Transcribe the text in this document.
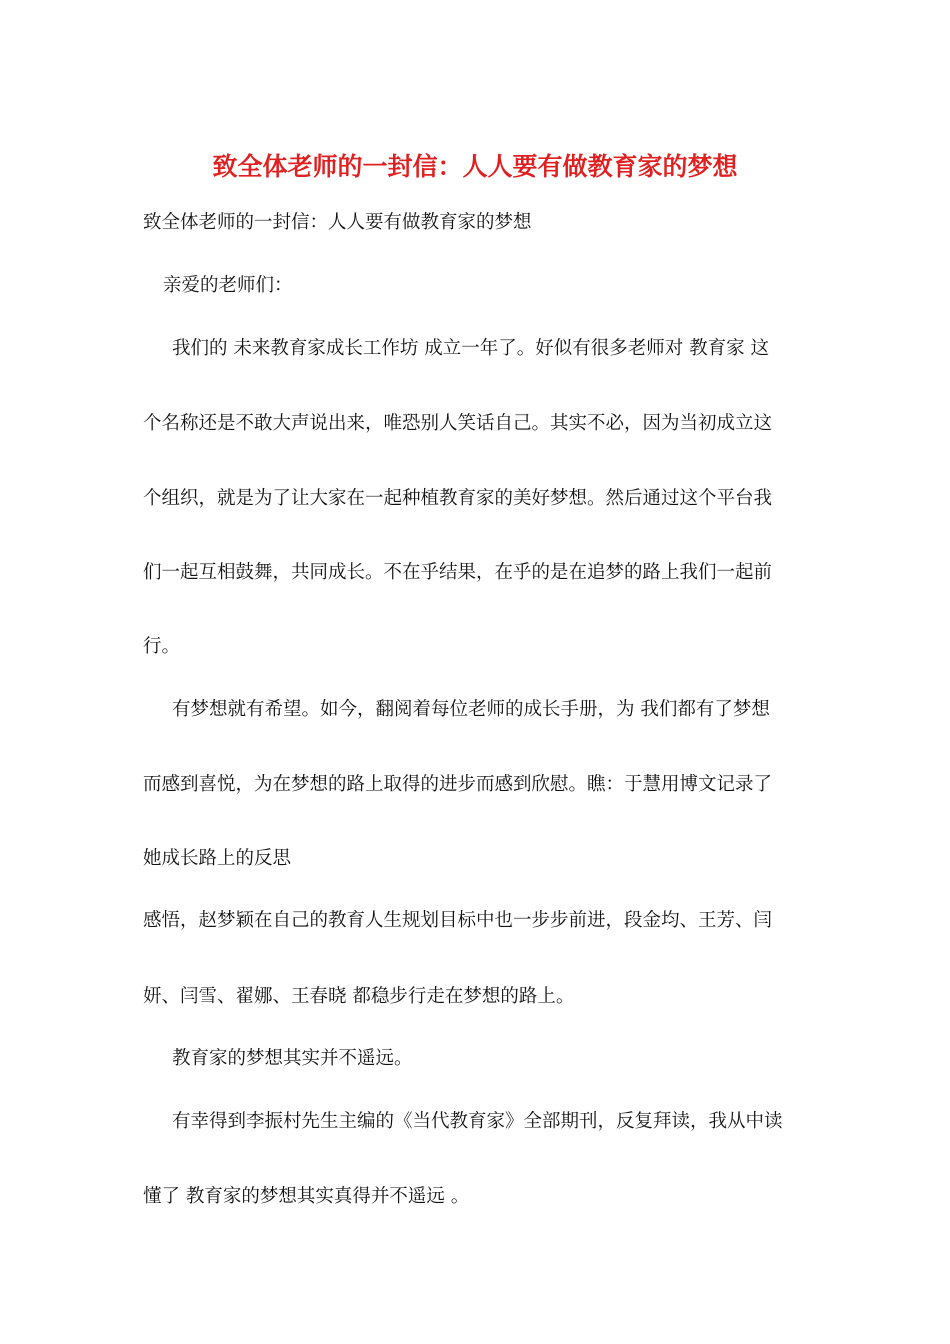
致全体老师的一封信：人人要有做教育家的梦想
致全体老师的一封信：人人要有做教育家的梦想
亲爱的老师们：
我们的 未来教育家成长工作坊 成立一年了。好似有很多老师对 教育家 这
个名称还是不敢大声说出来，唯恐别人笑话自己。其实不必，因为当初成立这
个组织，就是为了让大家在一起种植教育家的美好梦想。然后通过这个平台我
们一起互相鼓舞，共同成长。不在乎结果，在乎的是在追梦的路上我们一起前
行。
有梦想就有希望。如今，翻阅着每位老师的成长手册，为 我们都有了梦想
而感到喜悦，为在梦想的路上取得的进步而感到欣慰。瞧：于慧用博文记录了
她成长路上的反思
感悟，赵梦颖在自己的教育人生规划目标中也一步步前进，段金均、王芳、闫
妍、闫雪、翟娜、王春晓 都稳步行走在梦想的路上。
教育家的梦想其实并不遥远。
有幸得到李振村先生主编的《当代教育家》全部期刊，反复拜读，我从中读
懂了 教育家的梦想其实真得并不遥远 。
